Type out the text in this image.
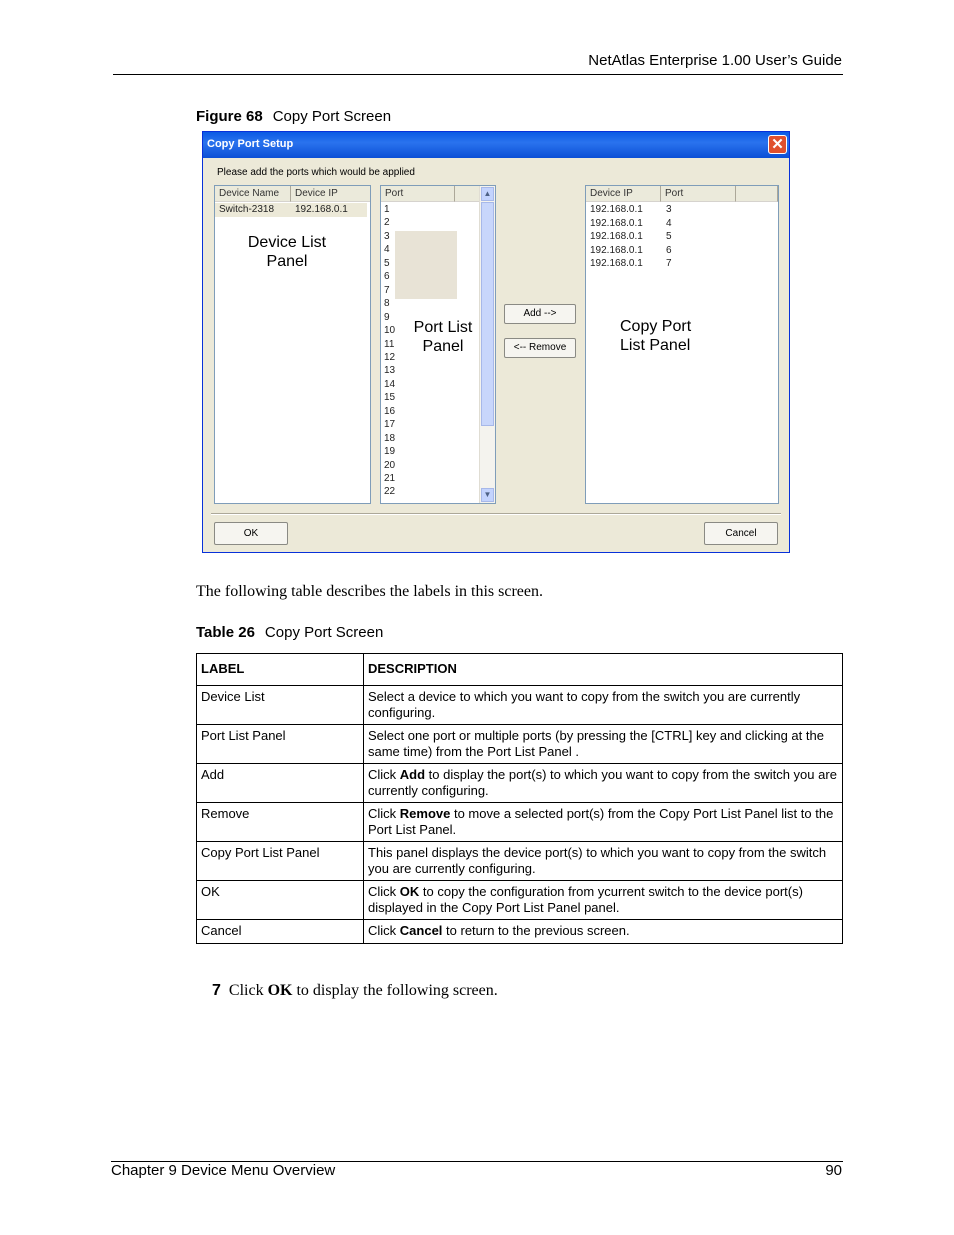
NetAtlas Enterprise 1.00 User’s Guide
Figure 68 Copy Port Screen
Copy Port Setup	✕
Please add the ports which would be applied
Device Name	Device IP
Switch-2318 192.168.0.1
Device List
Panel
Port
1
2
3
4
5
6
7
8
9
10
11
12
13
14
15
16
17
18
19
20
21
22
Port List
Panel
▲
▼
Add -->
<-- Remove
Device IP	Port
192.168.0.1 3
192.168.0.1 4
192.168.0.1 5
192.168.0.1 6
192.168.0.1 7
Copy Port
List Panel
OK	Cancel
The following table describes the labels in this screen.
Table 26 Copy Port Screen
LABEL	DESCRIPTION
Device List	Select a device to which you want to copy from the switch you are currently configuring.
Port List Panel	Select one port or multiple ports (by pressing the [CTRL] key and clicking at the same time) from the Port List Panel .
Add	Click Add to display the port(s) to which you want to copy from the switch you are currently configuring.
Remove	Click Remove to move a selected port(s) from the Copy Port List Panel list to the Port List Panel.
Copy Port List Panel	This panel displays the device port(s) to which you want to copy from the switch you are currently configuring.
OK	Click OK to copy the configuration from ycurrent switch to the device port(s) displayed in the Copy Port List Panel panel.
Cancel	Click Cancel to return to the previous screen.
7 Click OK to display the following screen.
Chapter 9 Device Menu Overview	90
